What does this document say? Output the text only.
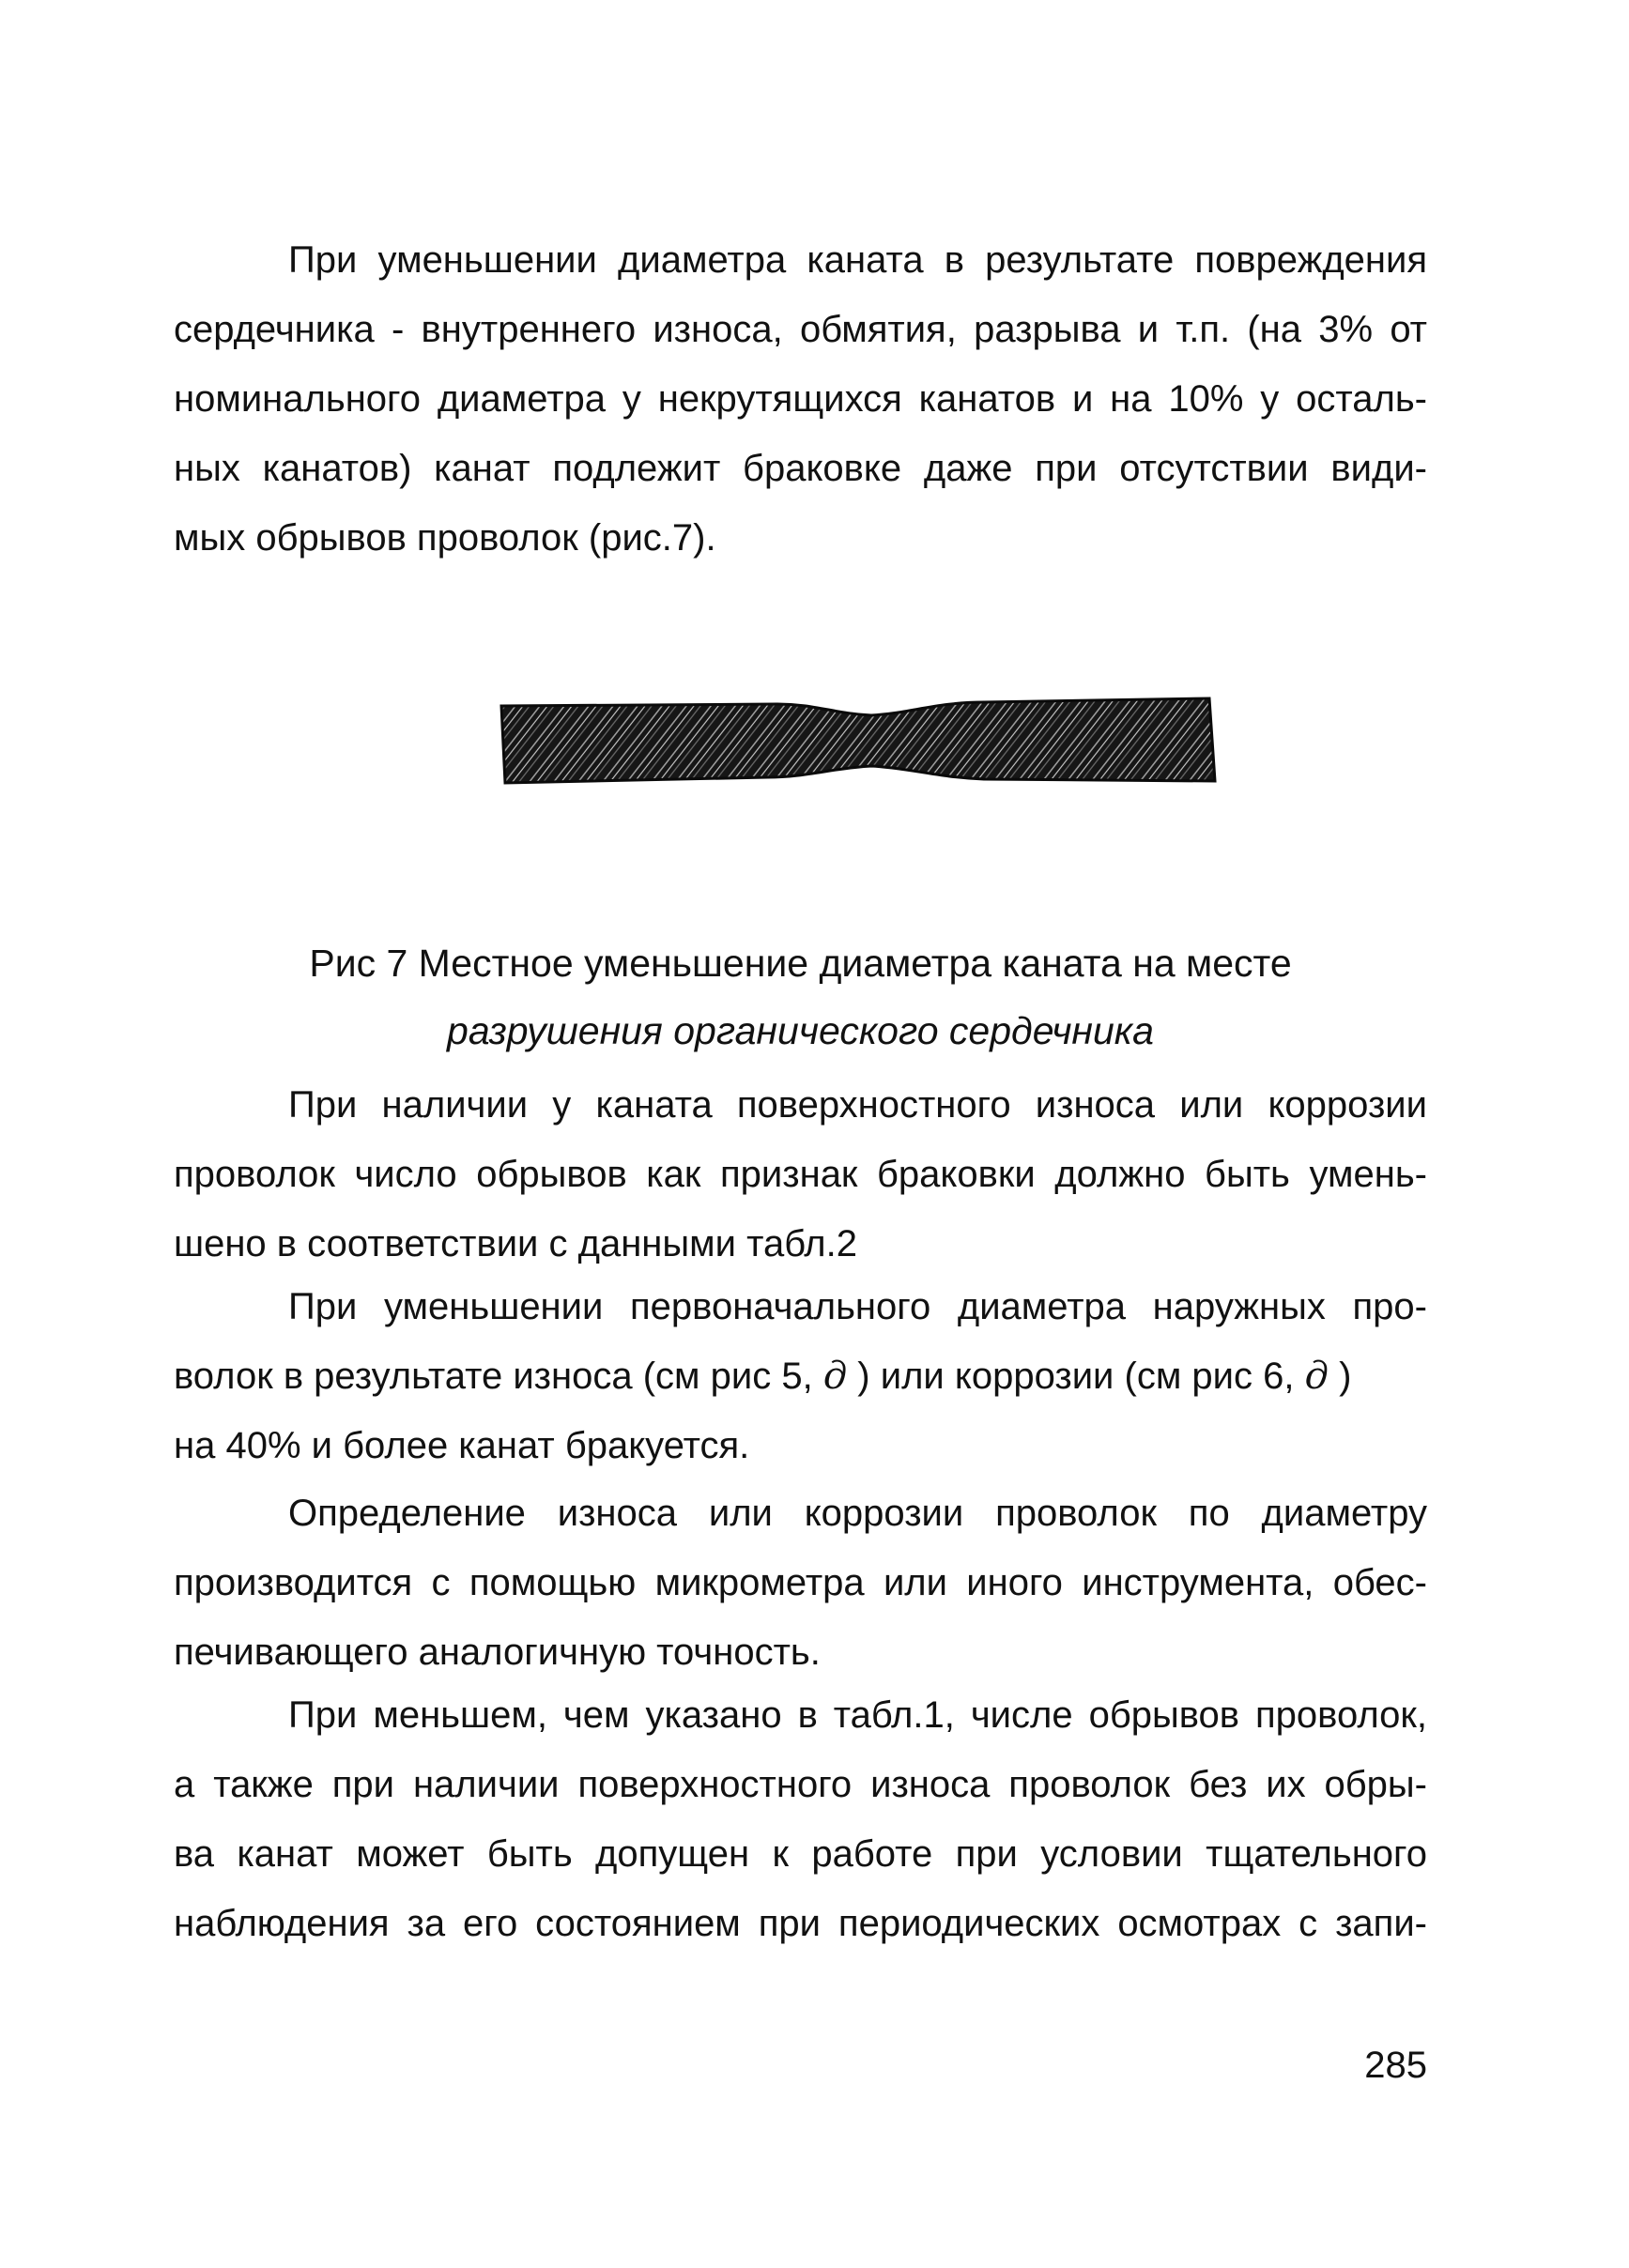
При уменьшении диаметра каната в результате повреждения
сердечника - внутреннего износа, обмятия, разрыва и т.п. (на 3% от
номинального диаметра у некрутящихся канатов и на 10% у осталь-
ных канатов) канат подлежит браковке даже при отсутствии види-
мых обрывов проволок (рис.7).
Рис 7 Местное уменьшение диаметра каната на месте
разрушения органического сердечника
При наличии у каната поверхностного износа или коррозии
проволок число обрывов как признак браковки должно быть умень-
шено в соответствии с данными табл.2
При уменьшении первоначального диаметра наружных про-
волок в результате износа (см рис 5, д ) или коррозии (см рис 6, д )
на 40% и более канат бракуется.
Определение износа или коррозии проволок по диаметру
производится с помощью микрометра или иного инструмента, обес-
печивающего аналогичную точность.
При меньшем, чем указано в табл.1, числе обрывов проволок,
а также при наличии поверхностного износа проволок без их обры-
ва канат может быть допущен к работе при условии тщательного
наблюдения за его состоянием при периодических осмотрах с запи-
285
